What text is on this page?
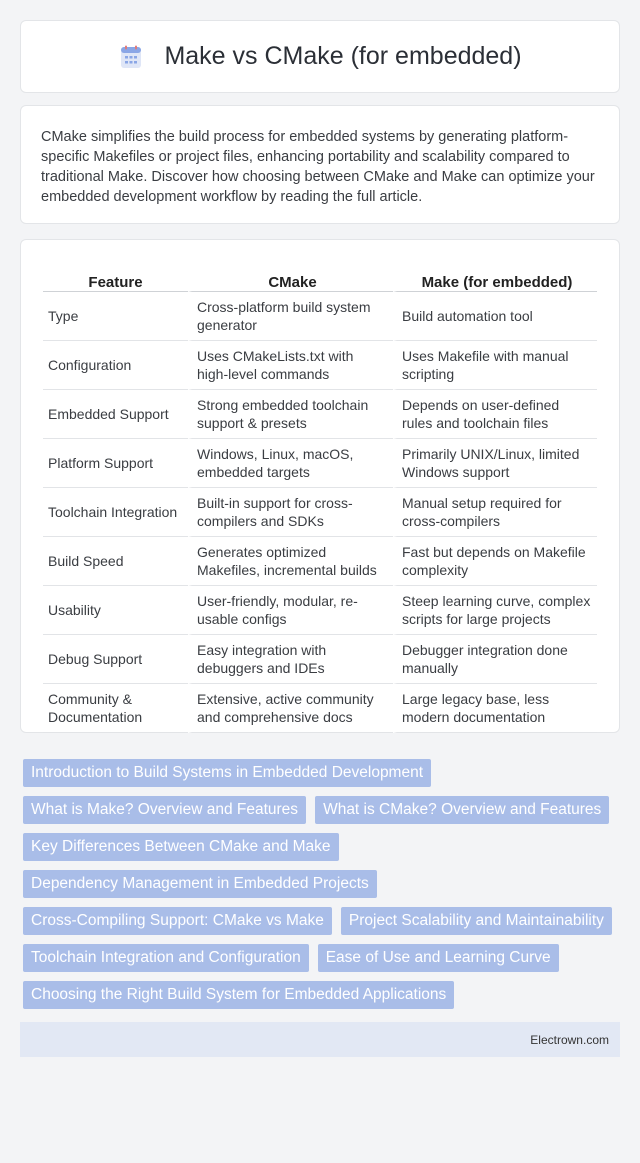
Make vs CMake (for embedded)
CMake simplifies the build process for embedded systems by generating platform-specific Makefiles or project files, enhancing portability and scalability compared to traditional Make. Discover how choosing between CMake and Make can optimize your embedded development workflow by reading the full article.
Feature	CMake	Make (for embedded)
Type	Cross-platform build system generator	Build automation tool
Configuration	Uses CMakeLists.txt with high-level commands	Uses Makefile with manual scripting
Embedded Support	Strong embedded toolchain support & presets	Depends on user-defined rules and toolchain files
Platform Support	Windows, Linux, macOS, embedded targets	Primarily UNIX/Linux, limited Windows support
Toolchain Integration	Built-in support for cross-compilers and SDKs	Manual setup required for cross-compilers
Build Speed	Generates optimized Makefiles, incremental builds	Fast but depends on Makefile complexity
Usability	User-friendly, modular, re-usable configs	Steep learning curve, complex scripts for large projects
Debug Support	Easy integration with debuggers and IDEs	Debugger integration done manually
Community & Documentation	Extensive, active community and comprehensive docs	Large legacy base, less modern documentation
Introduction to Build Systems in Embedded Development
What is Make? Overview and Features	What is CMake? Overview and Features
Key Differences Between CMake and Make
Dependency Management in Embedded Projects
Cross-Compiling Support: CMake vs Make	Project Scalability and Maintainability
Toolchain Integration and Configuration	Ease of Use and Learning Curve
Choosing the Right Build System for Embedded Applications
Electrown.com
